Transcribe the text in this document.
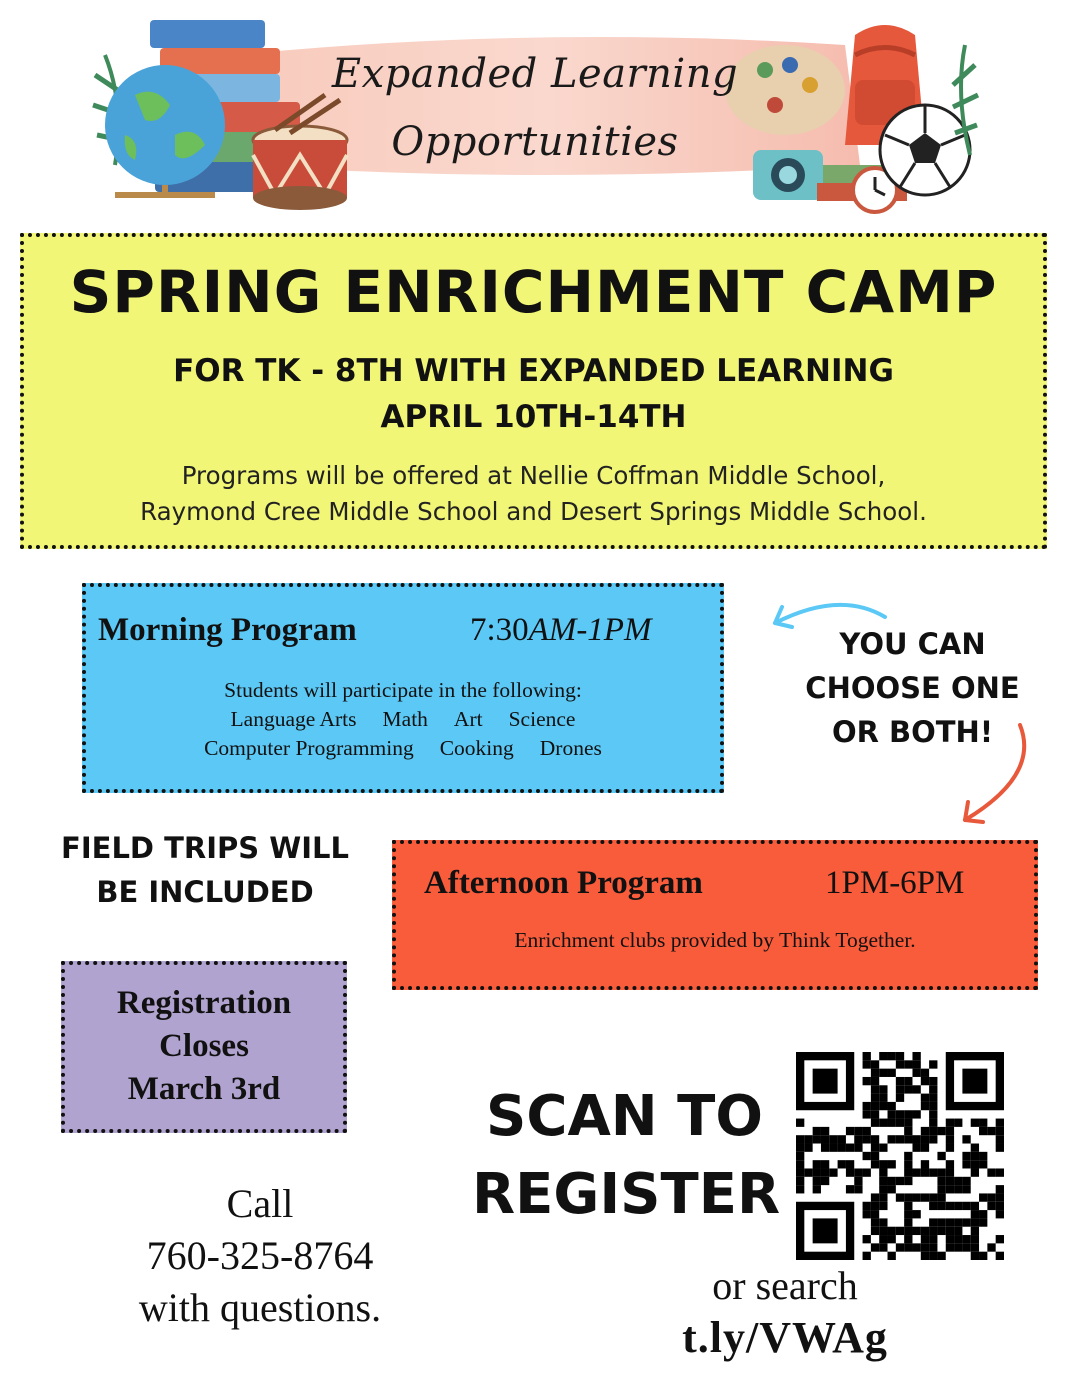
Expanded Learning
Opportunities
SPRING ENRICHMENT CAMP
FOR TK - 8TH WITH EXPANDED LEARNING
APRIL 10TH-14TH
Programs will be offered at Nellie Coffman Middle School,
Raymond Cree Middle School and Desert Springs Middle School.
Morning Program	7:30AM-1PM
Students will participate in the following:
Language Arts Math Art Science
Computer Programming Cooking Drones
YOU CAN
CHOOSE ONE
OR BOTH!
FIELD TRIPS WILL
BE INCLUDED	Afternoon Program	1PM-6PM
Enrichment clubs provided by Think Together.
Registration
Closes
March 3rd	SCAN TO
REGISTER
Call
760-325-8764
with questions.	or search
t.ly/VWAg
